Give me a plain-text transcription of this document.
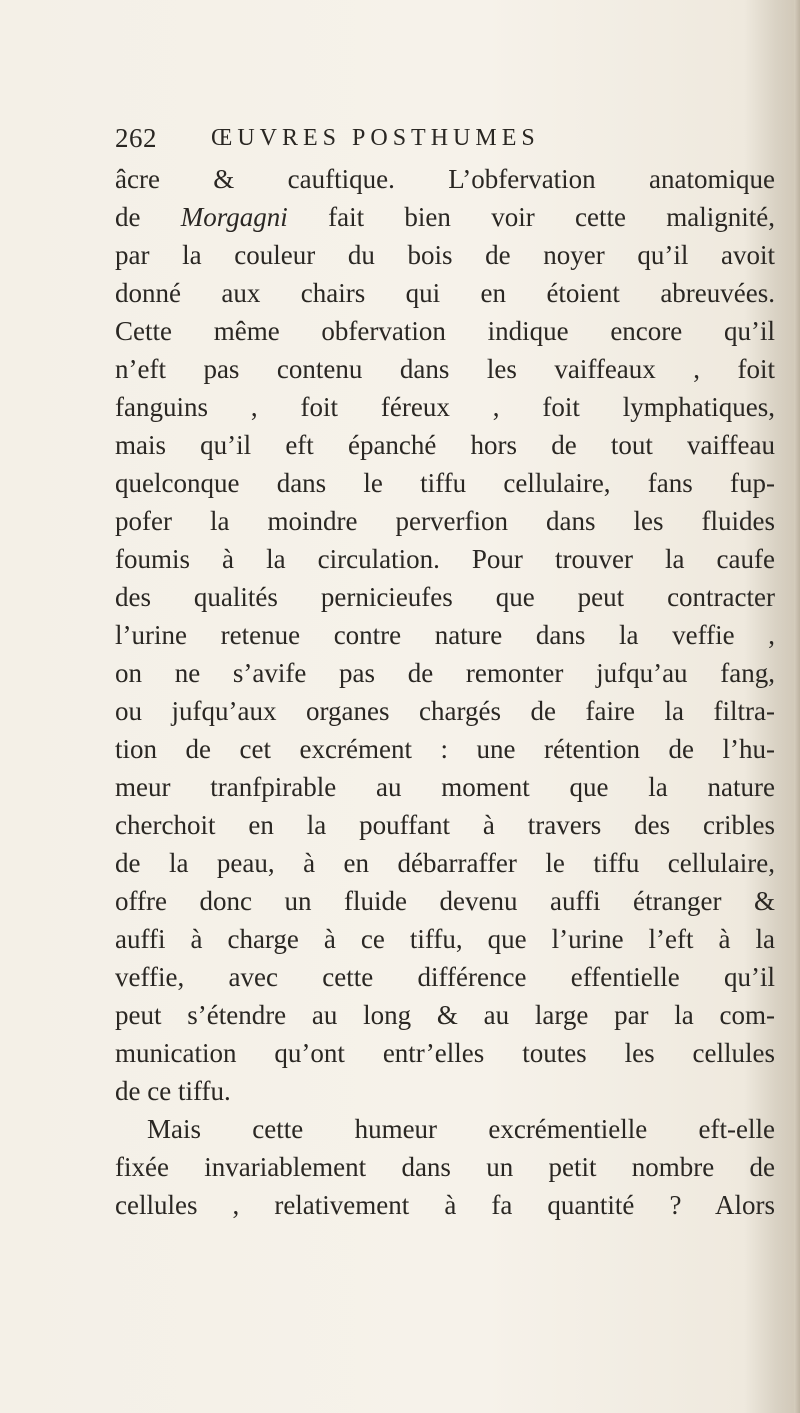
262 ŒUVRES POSTHUMES
âcre & cauftique. L’obfervation anatomique
de Morgagni fait bien voir cette malignité,
par la couleur du bois de noyer qu’il avoit
donné aux chairs qui en étoient abreuvées.
Cette même obfervation indique encore qu’il
n’eft pas contenu dans les vaiffeaux , foit
fanguins , foit féreux , foit lymphatiques,
mais qu’il eft épanché hors de tout vaiffeau
quelconque dans le tiffu cellulaire, fans fup-
pofer la moindre perverfion dans les fluides
foumis à la circulation. Pour trouver la caufe
des qualités pernicieufes que peut contracter
l’urine retenue contre nature dans la veffie ,
on ne s’avife pas de remonter jufqu’au fang,
ou jufqu’aux organes chargés de faire la filtra-
tion de cet excrément : une rétention de l’hu-
meur tranfpirable au moment que la nature
cherchoit en la pouffant à travers des cribles
de la peau, à en débarraffer le tiffu cellulaire,
offre donc un fluide devenu auffi étranger &
auffi à charge à ce tiffu, que l’urine l’eft à la
veffie, avec cette différence effentielle qu’il
peut s’étendre au long & au large par la com-
munication qu’ont entr’elles toutes les cellules
de ce tiffu.
Mais cette humeur excrémentielle eft-elle
fixée invariablement dans un petit nombre de
cellules , relativement à fa quantité ? Alors
